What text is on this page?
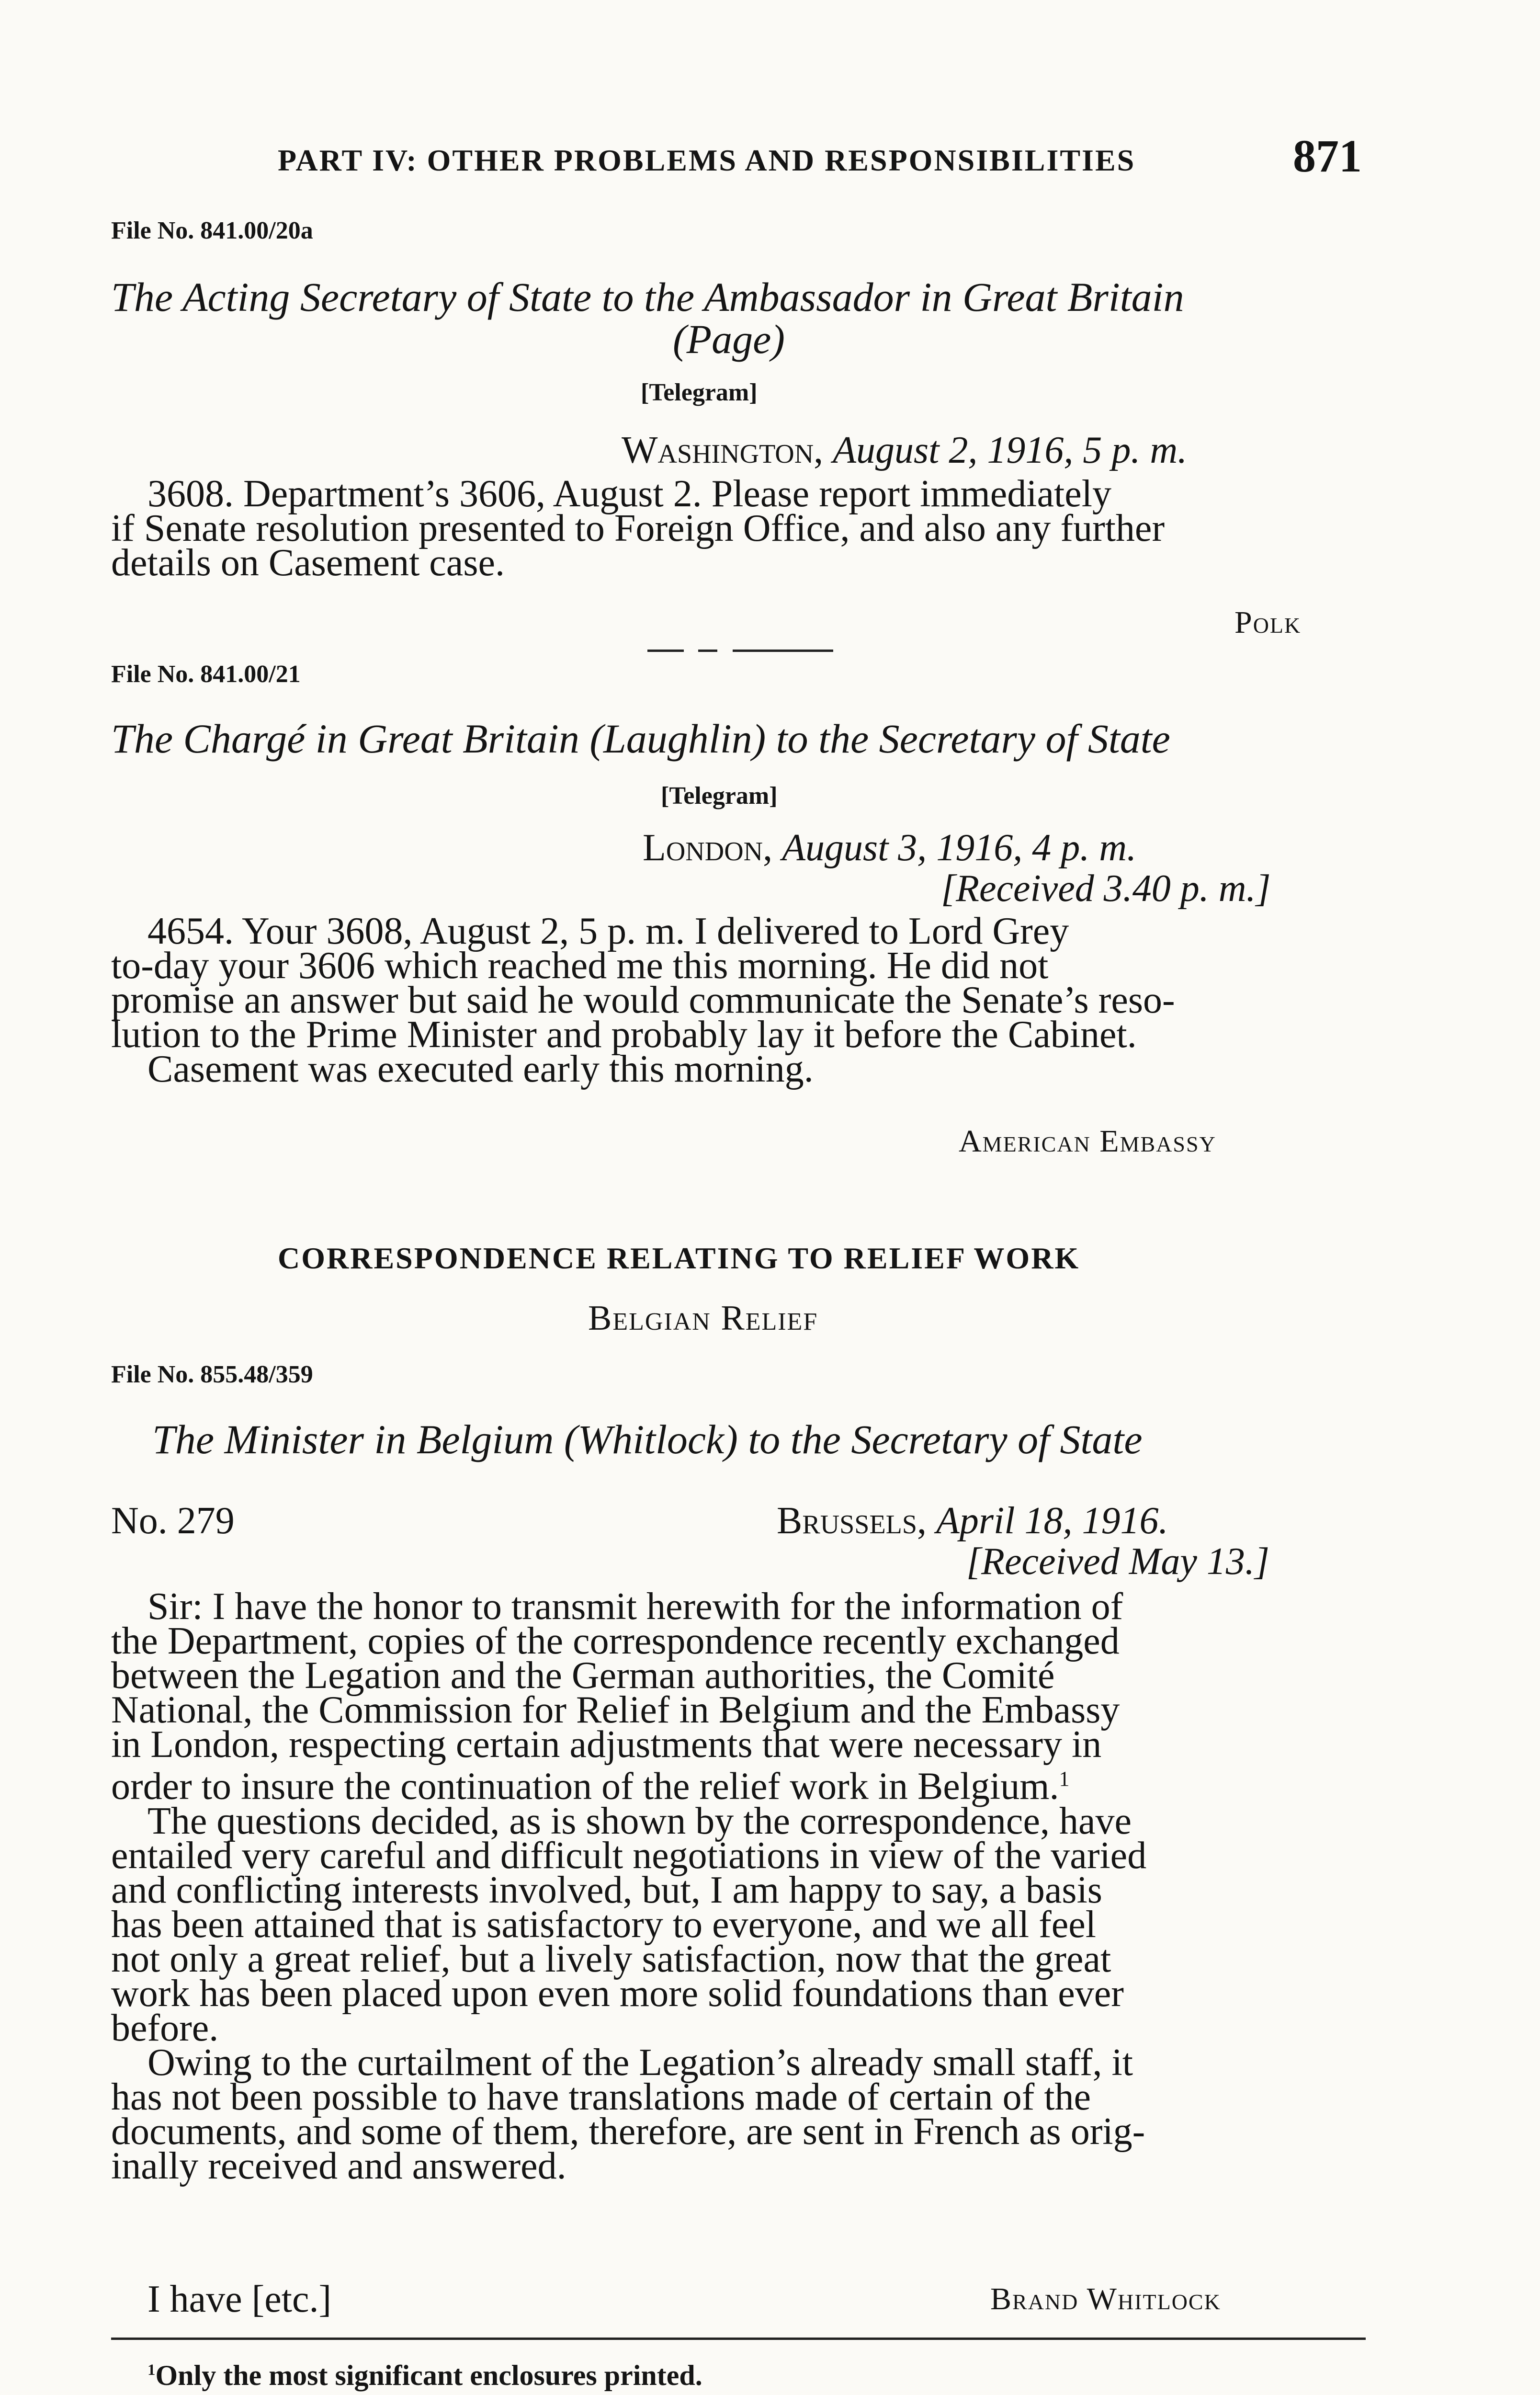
PART IV: OTHER PROBLEMS AND RESPONSIBILITIES	871
File No. 841.00/20a
The Acting Secretary of State to the Ambassador in Great Britain
(Page)
[Telegram]
Washington, August 2, 1916, 5 p. m.
3608. Department’s 3606, August 2. Please report immediately
if Senate resolution presented to Foreign Office, and also any further
details on Casement case.
Polk
File No. 841.00/21
The Chargé in Great Britain (Laughlin) to the Secretary of State
[Telegram]
London, August 3, 1916, 4 p. m.
[Received 3.40 p. m.]
4654. Your 3608, August 2, 5 p. m. I delivered to Lord Grey
to-day your 3606 which reached me this morning. He did not
promise an answer but said he would communicate the Senate’s reso-
lution to the Prime Minister and probably lay it before the Cabinet.
Casement was executed early this morning.
American Embassy
CORRESPONDENCE RELATING TO RELIEF WORK
Belgian Relief
File No. 855.48/359
The Minister in Belgium (Whitlock) to the Secretary of State
No. 279	Brussels, April 18, 1916.
[Received May 13.]
Sir: I have the honor to transmit herewith for the information of
the Department, copies of the correspondence recently exchanged
between the Legation and the German authorities, the Comité
National, the Commission for Relief in Belgium and the Embassy
in London, respecting certain adjustments that were necessary in
order to insure the continuation of the relief work in Belgium.$^1$
The questions decided, as is shown by the correspondence, have
entailed very careful and difficult negotiations in view of the varied
and conflicting interests involved, but, I am happy to say, a basis
has been attained that is satisfactory to everyone, and we all feel
not only a great relief, but a lively satisfaction, now that the great
work has been placed upon even more solid foundations than ever
before.
Owing to the curtailment of the Legation’s already small staff, it
has not been possible to have translations made of certain of the
documents, and some of them, therefore, are sent in French as orig-
inally received and answered.
I have [etc.]	Brand Whitlock
$^1$Only the most significant enclosures printed.
